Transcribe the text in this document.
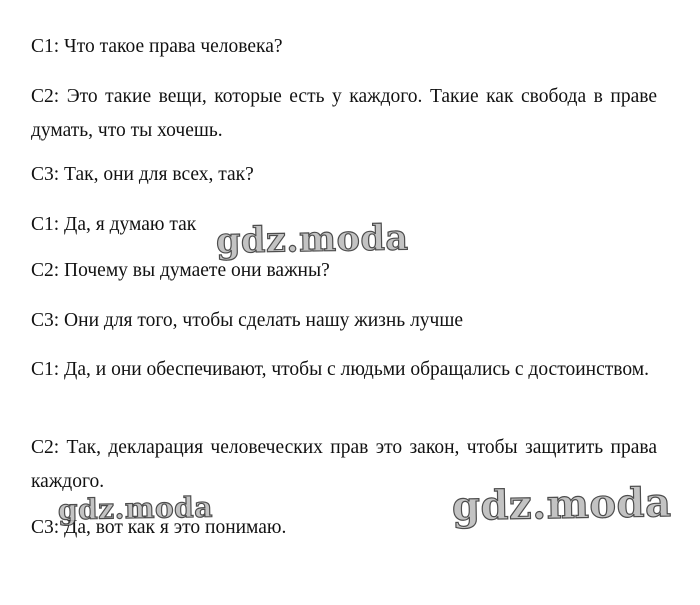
С1: Что такое права человека?
С2: Это такие вещи, которые есть у каждого. Такие как свобода в праве думать, что ты хочешь.
С3: Так, они для всех, так?
С1: Да, я думаю так
С2: Почему вы думаете они важны?
С3: Они для того, чтобы сделать нашу жизнь лучше
С1: Да, и они обеспечивают, чтобы с людьми обращались с достоинством.
С2: Так, декларация человеческих прав это закон, чтобы защитить права каждого.
С3: Да, вот как я это понимаю.
gdz.moda
gdz.moda	gdz.moda
